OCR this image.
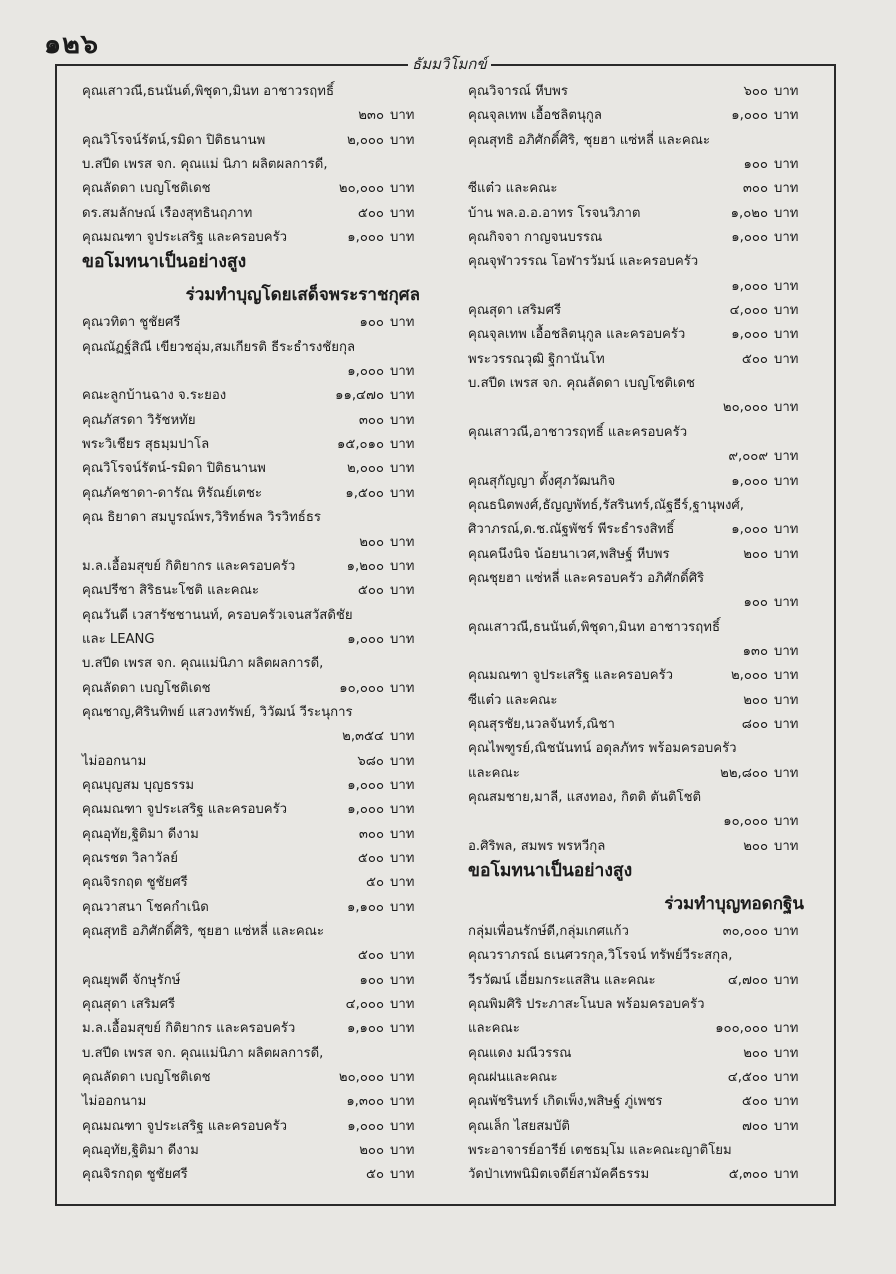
๑๒๖
ธัมมวิโมกข์
คุณเสาวณี,ธนนันต์,พิชุดา,มินท อาชาวรฤทธิ์
๒๓๐ บาท
คุณวิโรจน์รัตน์,รมิดา ปิติธนานพ	๒,๐๐๐ บาท
บ.สปีด เพรส จก. คุณแม่ นิภา ผลิตผลการดี,
คุณลัดดา เบญโชติเดช	๒๐,๐๐๐ บาท
ดร.สมลักษณ์ เรืองสุทธินฤภาท	๕๐๐ บาท
คุณมณฑา จูประเสริฐ และครอบครัว	๑,๐๐๐ บาท
ขอโมทนาเป็นอย่างสูง
ร่วมทำบุญโดยเสด็จพระราชกุศล
คุณวทิตา ชูชัยศรี	๑๐๐ บาท
คุณณัฏฐ์สิณี เขียวชอุ่ม,สมเกียรติ ธีระธำรงชัยกุล
๑,๐๐๐ บาท
คณะลูกบ้านฉาง จ.ระยอง	๑๑,๔๗๐ บาท
คุณภัสรดา วิรัชหทัย	๓๐๐ บาท
พระวิเชียร สุธมฺมปาโล	๑๕,๐๑๐ บาท
คุณวิโรจน์รัตน์-รมิดา ปิติธนานพ	๒,๐๐๐ บาท
คุณภัคชาดา-ดารัณ หิรัณย์เตชะ	๑,๕๐๐ บาท
คุณ ธิยาดา สมบูรณ์พร,วิริทธ์พล วิรวิทธ์ธร
๒๐๐ บาท
ม.ล.เอื้อมสุขย์ กิติยากร และครอบครัว	๑,๒๐๐ บาท
คุณปรีชา สิริธนะโชติ และคณะ	๕๐๐ บาท
คุณวันดี เวสารัชชานนท์, ครอบครัวเจนสวัสดิชัย
และ LEANG	๑,๐๐๐ บาท
บ.สปีด เพรส จก. คุณแม่นิภา ผลิตผลการดี,
คุณลัดดา เบญโชติเดช	๑๐,๐๐๐ บาท
คุณชาญ,ศิรินทิพย์ แสวงทรัพย์, วิวัฒน์ วีระนุการ
๒,๓๕๔ บาท
ไม่ออกนาม	๖๘๐ บาท
คุณบุญสม บุญธรรม	๑,๐๐๐ บาท
คุณมณฑา จูประเสริฐ และครอบครัว	๑,๐๐๐ บาท
คุณอุทัย,ฐิติมา ดีงาม	๓๐๐ บาท
คุณรชต วิลาวัลย์	๕๐๐ บาท
คุณจิรกฤต ชูชัยศรี	๕๐ บาท
คุณวาสนา โชคกำเนิด	๑,๑๐๐ บาท
คุณสุทธิ อภิศักดิ์ศิริ, ชุยฮา แซ่หลี่ และคณะ
๕๐๐ บาท
คุณยุพดี จักษุรักษ์	๑๐๐ บาท
คุณสุดา เสริมศรี	๔,๐๐๐ บาท
ม.ล.เอื้อมสุขย์ กิติยากร และครอบครัว	๑,๑๐๐ บาท
บ.สปีด เพรส จก. คุณแม่นิภา ผลิตผลการดี,
คุณลัดดา เบญโชติเดช	๒๐,๐๐๐ บาท
ไม่ออกนาม	๑,๓๐๐ บาท
คุณมณฑา จูประเสริฐ และครอบครัว	๑,๐๐๐ บาท
คุณอุทัย,ฐิติมา ดีงาม	๒๐๐ บาท
คุณจิรกฤต ชูชัยศรี	๕๐ บาท
คุณวิจารณ์ หีบพร	๖๐๐ บาท
คุณจุลเทพ เอื้อชลิตนุกูล	๑,๐๐๐ บาท
คุณสุทธิ อภิศักดิ์ศิริ, ชุยฮา แซ่หลี่ และคณะ
๑๐๐ บาท
ซีแต๋ว และคณะ	๓๐๐ บาท
บ้าน พล.อ.อ.อาทร โรจนวิภาต	๑,๐๒๐ บาท
คุณกิจจา กาญจนบรรณ	๑,๐๐๐ บาท
คุณจุฬาวรรณ โอฬารวัมน์ และครอบครัว
๑,๐๐๐ บาท
คุณสุดา เสริมศรี	๔,๐๐๐ บาท
คุณจุลเทพ เอื้อชลิตนุกูล และครอบครัว	๑,๐๐๐ บาท
พระวรรณวุฒิ ฐิกานันโท	๕๐๐ บาท
บ.สปีด เพรส จก. คุณลัดดา เบญโชติเดช
๒๐,๐๐๐ บาท
คุณเสาวณี,อาชาวรฤทธิ์ และครอบครัว
๙,๐๐๙ บาท
คุณสุกัญญา ตั้งศุภวัฒนกิจ	๑,๐๐๐ บาท
คุณธนิตพงศ์,ธัญญพัทธ์,รัสรินทร์,ณัฐธีร์,ฐานุพงศ์,
ศิวาภรณ์,ด.ช.ณัฐพัชร์ พีระธำรงสิทธิ์	๑,๐๐๐ บาท
คุณคนึงนิจ น้อยนาเวศ,พสิษฐ์ หีบพร	๒๐๐ บาท
คุณชุยฮา แซ่หลี่ และครอบครัว อภิศักดิ์ศิริ
๑๐๐ บาท
คุณเสาวณี,ธนนันต์,พิชุดา,มินท อาชาวรฤทธิ์
๑๓๐ บาท
คุณมณฑา จูประเสริฐ และครอบครัว	๒,๐๐๐ บาท
ซีแต๋ว และคณะ	๒๐๐ บาท
คุณสุรชัย,นวลจันทร์,ณิชา	๘๐๐ บาท
คุณไพฑูรย์,ณิชนันทน์ อดุลภัทร พร้อมครอบครัว
และคณะ	๒๒,๘๐๐ บาท
คุณสมชาย,มาลี, แสงทอง, กิตติ ตันติโชติ
๑๐,๐๐๐ บาท
อ.ศิริพล, สมพร พรหวีกุล	๒๐๐ บาท
ขอโมทนาเป็นอย่างสูง
ร่วมทำบุญทอดกฐิน
กลุ่มเพื่อนรักษ์ดี,กลุ่มเกศแก้ว	๓๐,๐๐๐ บาท
คุณวราภรณ์ ธเนศวรกุล,วิโรจน์ ทรัพย์วีระสกุล,
วีรวัฒน์ เอี่ยมกระแสสิน และคณะ	๔,๗๐๐ บาท
คุณพิมศิริ ประภาสะโนบล พร้อมครอบครัว
และคณะ	๑๐๐,๐๐๐ บาท
คุณแดง มณีวรรณ	๒๐๐ บาท
คุณฝนและคณะ	๔,๕๐๐ บาท
คุณพัชรินทร์ เกิดเพ็ง,พสิษฐ์ ภู่เพชร	๕๐๐ บาท
คุณเล็ก ไสยสมบัติ	๗๐๐ บาท
พระอาจารย์อารีย์ เตชธมฺโม และคณะญาติโยม
วัดป่าเทพนิมิตเจดีย์สามัคคีธรรม	๕,๓๐๐ บาท
